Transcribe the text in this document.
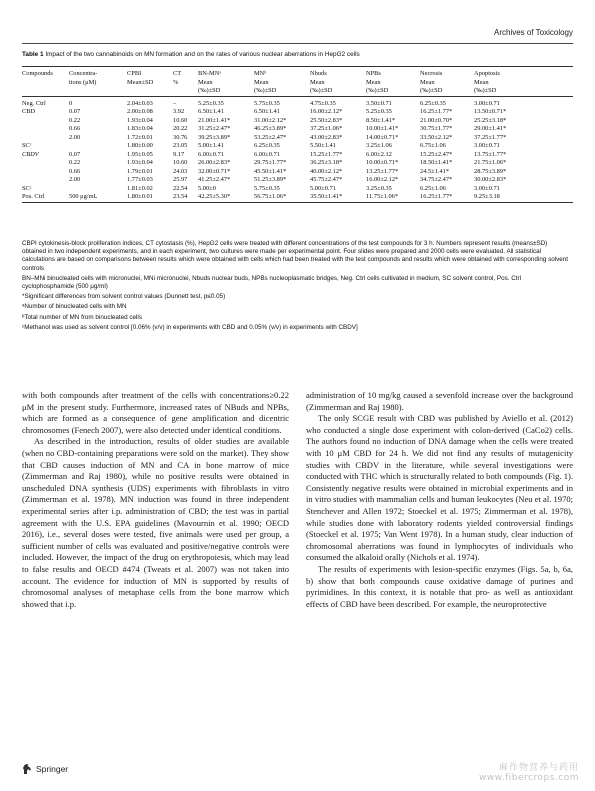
Archives of Toxicology
Table 1 Impact of the two cannabinoids on MN formation and on the rates of various nuclear aberrations in HepG2 cells
Compounds	Concentra-	CPBI	CT	BN-MNᵃ	MNᵇ	Nbuds	NPBs	Necrosis	Apoptosis
	tions (μM)	Mean±SD	%	Mean	Mean	Mean	Mean	Mean	Mean
				(‰)±SD	(‰)±SD	(‰)±SD	(‰)±SD	(‰)±SD	(‰)±SD
Neg. Ctrl	0	2.04±0.03	–	5.25±0.35	5.75±0.35	4.75±0.35	3.50±0.71	6.25±0.35	3.00±0.71
CBD	0.07	2.00±0.08	3.92	6.50±1.41	6.50±1.41	16.00±2.12*	5.25±0.35	16.25±1.77*	13.50±0.71*
	0.22	1.93±0.04	10.60	21.00±1.41*	31.00±2.12*	25.50±2.83*	8.50±1.41*	21.00±0.70*	25.25±3.18*
	0.66	1.83±0.04	20.22	31.25±2.47*	46.25±3.89*	37.25±1.06*	10.00±1.41*	30.75±1.77*	29.00±1.41*
	2.00	1.72±0.01	30.76	39.25±3.89*	53.25±2.47*	43.00±2.83*	14.00±0.71*	33.50±2.12*	37.25±1.77*
SCᶜ		1.80±0.00	23.05	5.00±1.41	6.25±0.35	5.50±1.41	3.25±1.06	6.75±1.06	3.00±0.71
CBDV	0.07	1.95±0.05	9.17	6.00±0.71	6.00±0.71	15.25±1.77*	6.00±2.12	15.25±2.47*	13.75±1.77*
	0.22	1.93±0.04	10.60	26.00±2.83*	29.75±1.77*	36.25±3.18*	10.00±0.71*	18.50±1.41*	21.75±1.06*
	0.66	1.79±0.01	24.03	32.00±0.71*	45.50±1.41*	40.00±2.12*	13.25±1.77*	24.5±1.41*	28.75±3.89*
	2.00	1.77±0.03	25.97	41.25±2.47*	51.25±3.89*	45.75±2.47*	16.00±2.12*	34.75±2.47*	30.00±2.83*
SCᶜ		1.81±0.02	22.54	5.00±0	5.75±0.35	5.00±0.71	3.25±0.35	6.25±1.06	3.00±0.71
Pos. Ctrl	500 μg/mL	1.80±0.01	23.54	42.25±5.30*	56.75±1.06*	35.50±1.41*	11.75±1.06*	16.25±1.77*	9.25±3.18

CBPI cytokinesis-block proliferation indices, CT cytostasis (%), HepG2 cells were treated with different concentrations of the test compounds for 3 h. Numbers represent results (means±SD) obtained in two independent experiments, and in each experiment, two cultures were made per experimental point. Four slides were prepared and 2000 cells were evaluated. All statistical calculations are based on comparisons between results which were obtained with cells which had been treated with the test compounds and results which were obtained with corresponding solvent controls

BN–MNi binucleated cells with micronuclei, MNi micronuclei, Nbuds nuclear buds, NPBs nucleoplasmatic bridges, Neg. Ctrl cells cultivated in medium, SC solvent control, Pos. Ctrl cyclophosphamide (500 μg/ml)

*Significant differences from solvent control values (Dunnett test, p≤0.05)

ᵃNumber of binucleated cells with MN

ᵇTotal number of MN from binucleated cells

ᶜMethanol was used as solvent control [0.06% (v/v) in experiments with CBD and 0.05% (v/v) in experiments with CBDV]

with both compounds after treatment of the cells with concentrations≥0.22 μM in the present study. Furthermore, increased rates of NBuds and NPBs, which are formed as a consequence of gene amplification and dicentric chromosomes (Fenech 2007), were also detected under identical conditions.

As described in the introduction, results of older studies are available (when no CBD-containing preparations were sold on the market). They show that CBD causes induction of MN and CA in bone marrow of mice (Zimmerman and Raj 1980), while no positive results were obtained in unscheduled DNA synthesis (UDS) experiments with fibroblasts in vitro (Zimmerman et al. 1978). MN induction was found in three independent experimental series after i.p. administration of CBD; the test was in partial agreement with the U.S. EPA guidelines (Mavournin et al. 1990; OECD 2016), i.e., several doses were tested, five animals were used per group, a sufficient number of cells was evaluated and positive/negative controls were included. However, the impact of the drug on erythropoiesis, which may lead to false results and OECD #474 (Tweats et al. 2007) was not taken into account. The evidence for induction of MN is supported by results of chromosomal analyses of metaphase cells from the bone marrow which showed that i.p.

administration of 10 mg/kg caused a sevenfold increase over the background (Zimmerman and Raj 1980).

The only SCGE result with CBD was published by Aviello et al. (2012) who conducted a single dose experiment with colon-derived (CaCo2) cells. The authors found no induction of DNA damage when the cells were treated with 10 μM CBD for 24 h. We did not find any results of mutagenicity studies with CBDV in the literature, while several investigations were conducted with THC which is structurally related to both compounds (Fig. 1). Consistently negative results were obtained in microbial experiments and in in vitro studies with mammalian cells and human leukocytes (Neu et al. 1970; Stenchever and Allen 1972; Stoeckel et al. 1975; Zimmerman et al. 1978), while studies done with laboratory rodents yielded controversial findings (Stoeckel et al. 1975; Van Went 1978). In a human study, clear induction of chromosomal aberrations was found in lymphocytes of individuals who consumed the alkaloid orally (Nichols et al. 1974).

The results of experiments with lesion-specific enzymes (Figs. 5a, b, 6a, b) show that both compounds cause oxidative damage of purines and pyrimidines. In this context, it is notable that pro- as well as antioxidant effects of CBD have been described. For example, the neuroprotective

Springer	麻作物营养与药用
www.fibercrops.com
